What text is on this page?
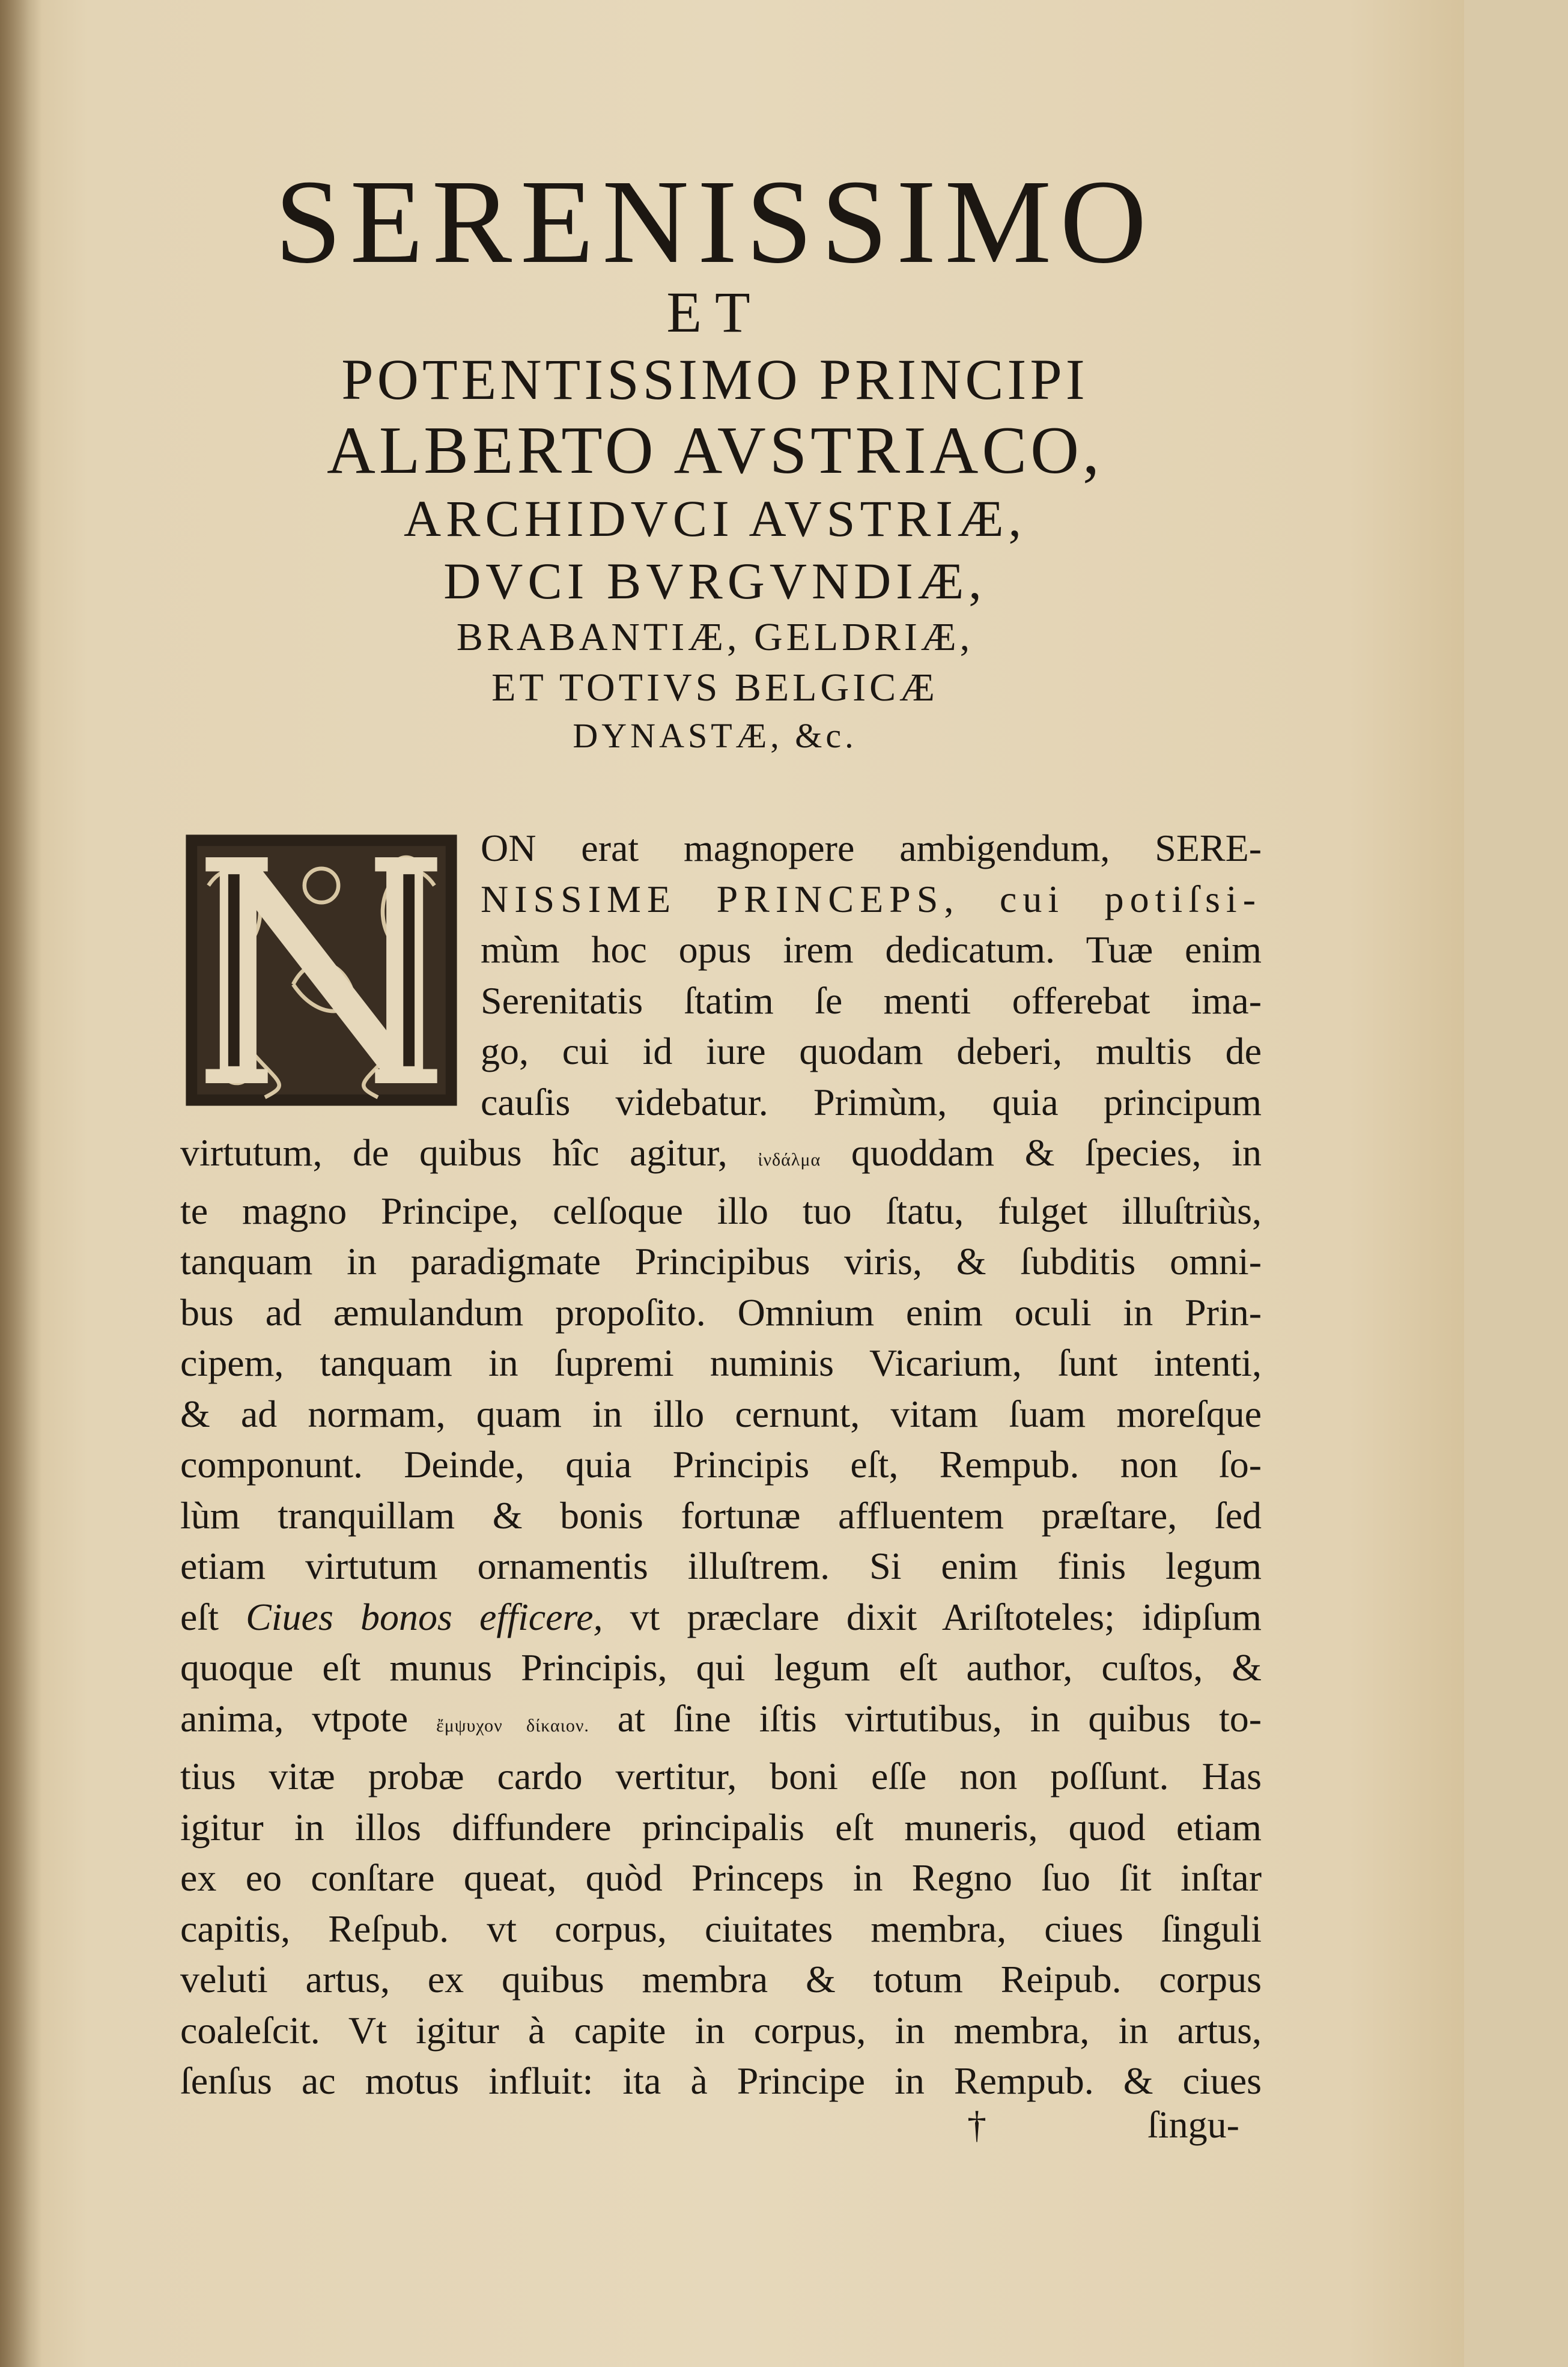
SERENISSIMO
ET
POTENTISSIMO PRINCIPI
ALBERTO AVSTRIACO,
ARCHIDVCI AVSTRIÆ,
DVCI BVRGVNDIÆ,
BRABANTIÆ, GELDRIÆ,
ET TOTIVS BELGICÆ
DYNASTÆ, &c.
N	ON erat magnopere ambigendum, SERE-
NISSIME PRINCEPS, cui potiſsi-
mùm hoc opus irem dedicatum. Tuæ enim
Serenitatis ſtatim ſe menti offerebat ima-
go, cui id iure quodam deberi, multis de
cauſis videbatur. Primùm, quia principum
virtutum, de quibus hîc agitur, ἰνδάλμα quoddam & ſpecies, in
te magno Principe, celſoque illo tuo ſtatu, fulget illuſtriùs,
tanquam in paradigmate Principibus viris, & ſubditis omni-
bus ad æmulandum propoſito. Omnium enim oculi in Prin-
cipem, tanquam in ſupremi numinis Vicarium, ſunt intenti,
& ad normam, quam in illo cernunt, vitam ſuam moreſque
componunt. Deinde, quia Principis eſt, Rempub. non ſo-
lùm tranquillam & bonis fortunæ affluentem præſtare, ſed
etiam virtutum ornamentis illuſtrem. Si enim finis legum
eſt Ciues bonos efficere, vt præclare dixit Ariſtoteles; idipſum
quoque eſt munus Principis, qui legum eſt author, cuſtos, &
anima, vtpote ἔμψυχον δίκαιον. at ſine iſtis virtutibus, in quibus to-
tius vitæ probæ cardo vertitur, boni eſſe non poſſunt. Has
igitur in illos diffundere principalis eſt muneris, quod etiam
ex eo conſtare queat, quòd Princeps in Regno ſuo ſit inſtar
capitis, Reſpub. vt corpus, ciuitates membra, ciues ſinguli
veluti artus, ex quibus membra & totum Reipub. corpus
coaleſcit. Vt igitur à capite in corpus, in membra, in artus,
ſenſus ac motus influit: ita à Principe in Rempub. & ciues
†	ſingu-
